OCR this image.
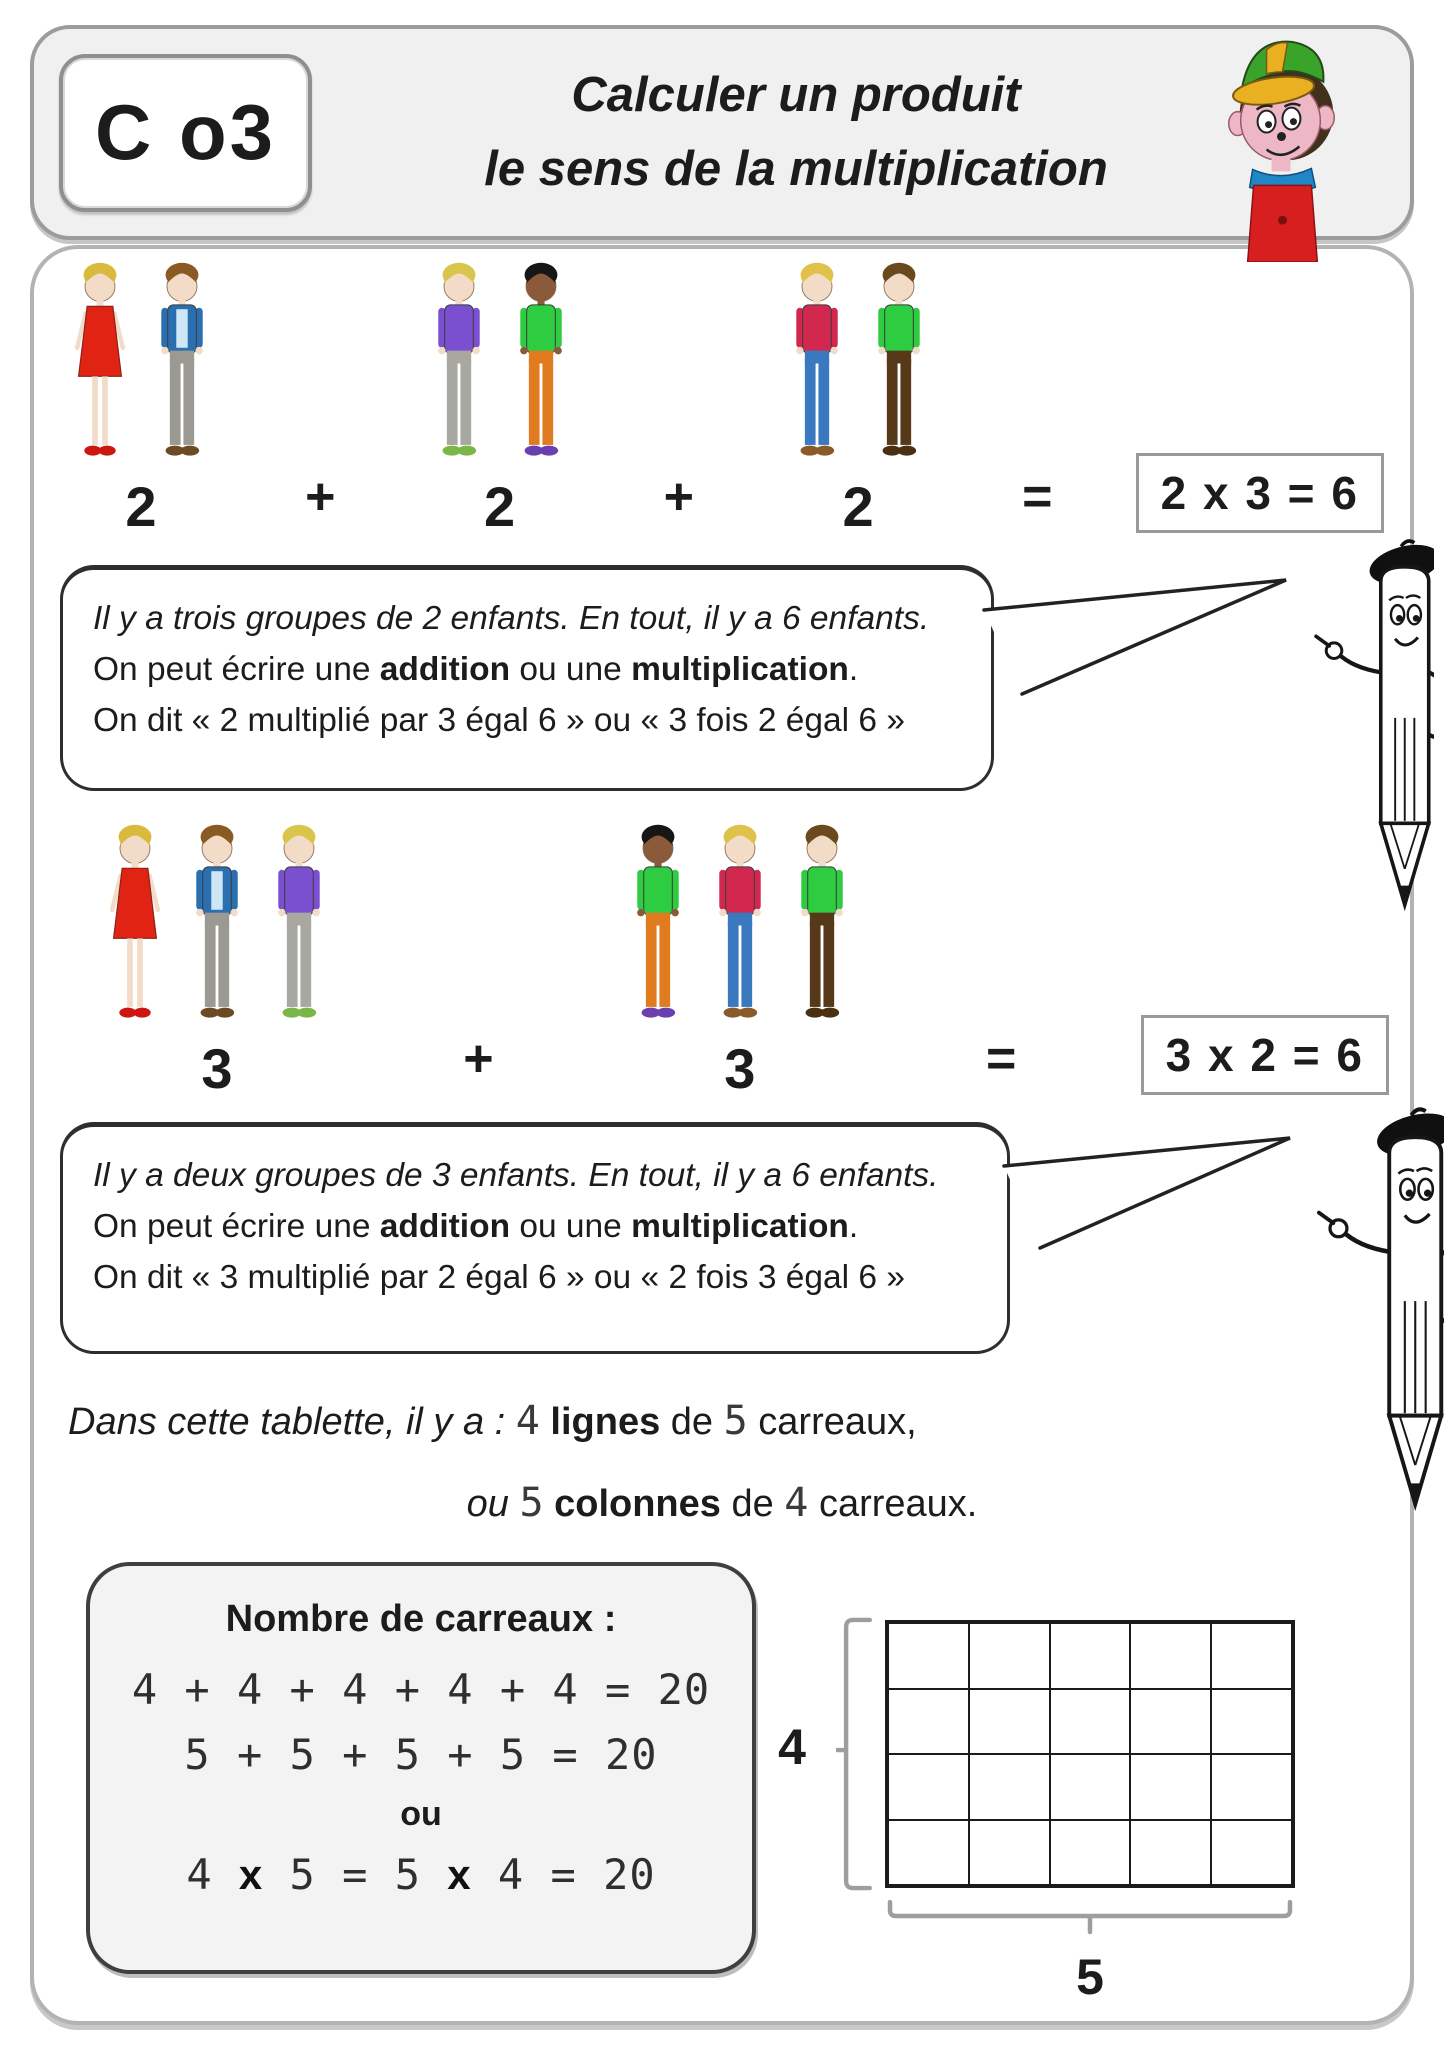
C o3	Calculer un produit
le sens de la multiplication
2	+	2	+	2	=	2 x 3 = 6

Il y a trois groupes de 2 enfants. En tout, il y a 6 enfants.

On peut écrire une addition ou une multiplication.

On dit « 2 multiplié par 3 égal 6 » ou « 3 fois 2 égal 6 »

3	+	3	=	3 x 2 = 6

Il y a deux groupes de 3 enfants. En tout, il y a 6 enfants.

On peut écrire une addition ou une multiplication.

On dit « 3 multiplié par 2 égal 6 » ou « 2 fois 3 égal 6 »

Dans cette tablette, il y a : 4 lignes de 5 carreaux,
ou 5 colonnes de 4 carreaux.
Nombre de carreaux :
4 + 4 + 4 + 4 + 4 = 20
5 + 5 + 5 + 5 = 20
ou
4 x 5 = 5 x 4 = 20
4
5
